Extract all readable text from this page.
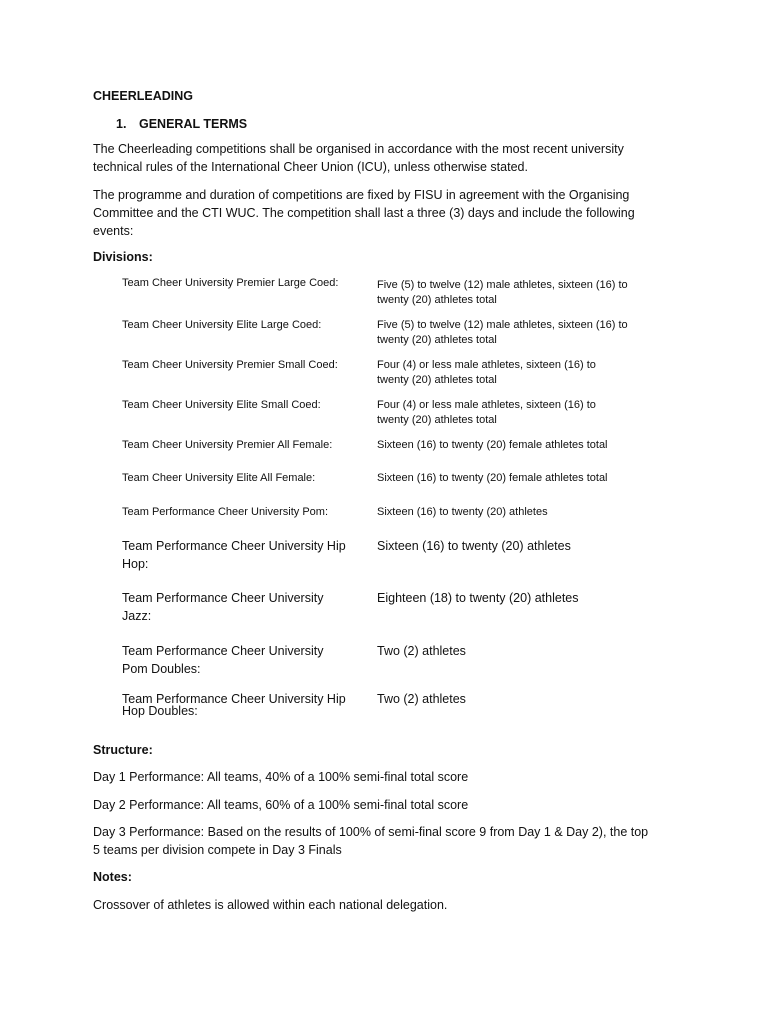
CHEERLEADING
1. GENERAL TERMS
The Cheerleading competitions shall be organised in accordance with the most recent university
technical rules of the International Cheer Union (ICU), unless otherwise stated.
The programme and duration of competitions are fixed by FISU in agreement with the Organising
Committee and the CTI WUC. The competition shall last a three (3) days and include the following
events:
Divisions:
Team Cheer University Premier Large Coed:	Five (5) to twelve (12) male athletes, sixteen (16) to
twenty (20) athletes total
Team Cheer University Elite Large Coed:	Five (5) to twelve (12) male athletes, sixteen (16) to
twenty (20) athletes total
Team Cheer University Premier Small Coed:	Four (4) or less male athletes, sixteen (16) to
twenty (20) athletes total
Team Cheer University Elite Small Coed:	Four (4) or less male athletes, sixteen (16) to
twenty (20) athletes total
Team Cheer University Premier All Female:	Sixteen (16) to twenty (20) female athletes total
Team Cheer University Elite All Female:	Sixteen (16) to twenty (20) female athletes total
Team Performance Cheer University Pom:	Sixteen (16) to twenty (20) athletes
Team Performance Cheer University Hip
Hop:
Sixteen (16) to twenty (20) athletes
Team Performance Cheer University
Jazz:
Eighteen (18) to twenty (20) athletes
Team Performance Cheer University
Pom Doubles:
Two (2) athletes
Team Performance Cheer University Hip
Hop Doubles:
Two (2) athletes
Structure:
Day 1 Performance: All teams, 40% of a 100% semi-final total score
Day 2 Performance: All teams, 60% of a 100% semi-final total score
Day 3 Performance: Based on the results of 100% of semi-final score 9 from Day 1 & Day 2), the top
5 teams per division compete in Day 3 Finals
Notes:
Crossover of athletes is allowed within each national delegation.
